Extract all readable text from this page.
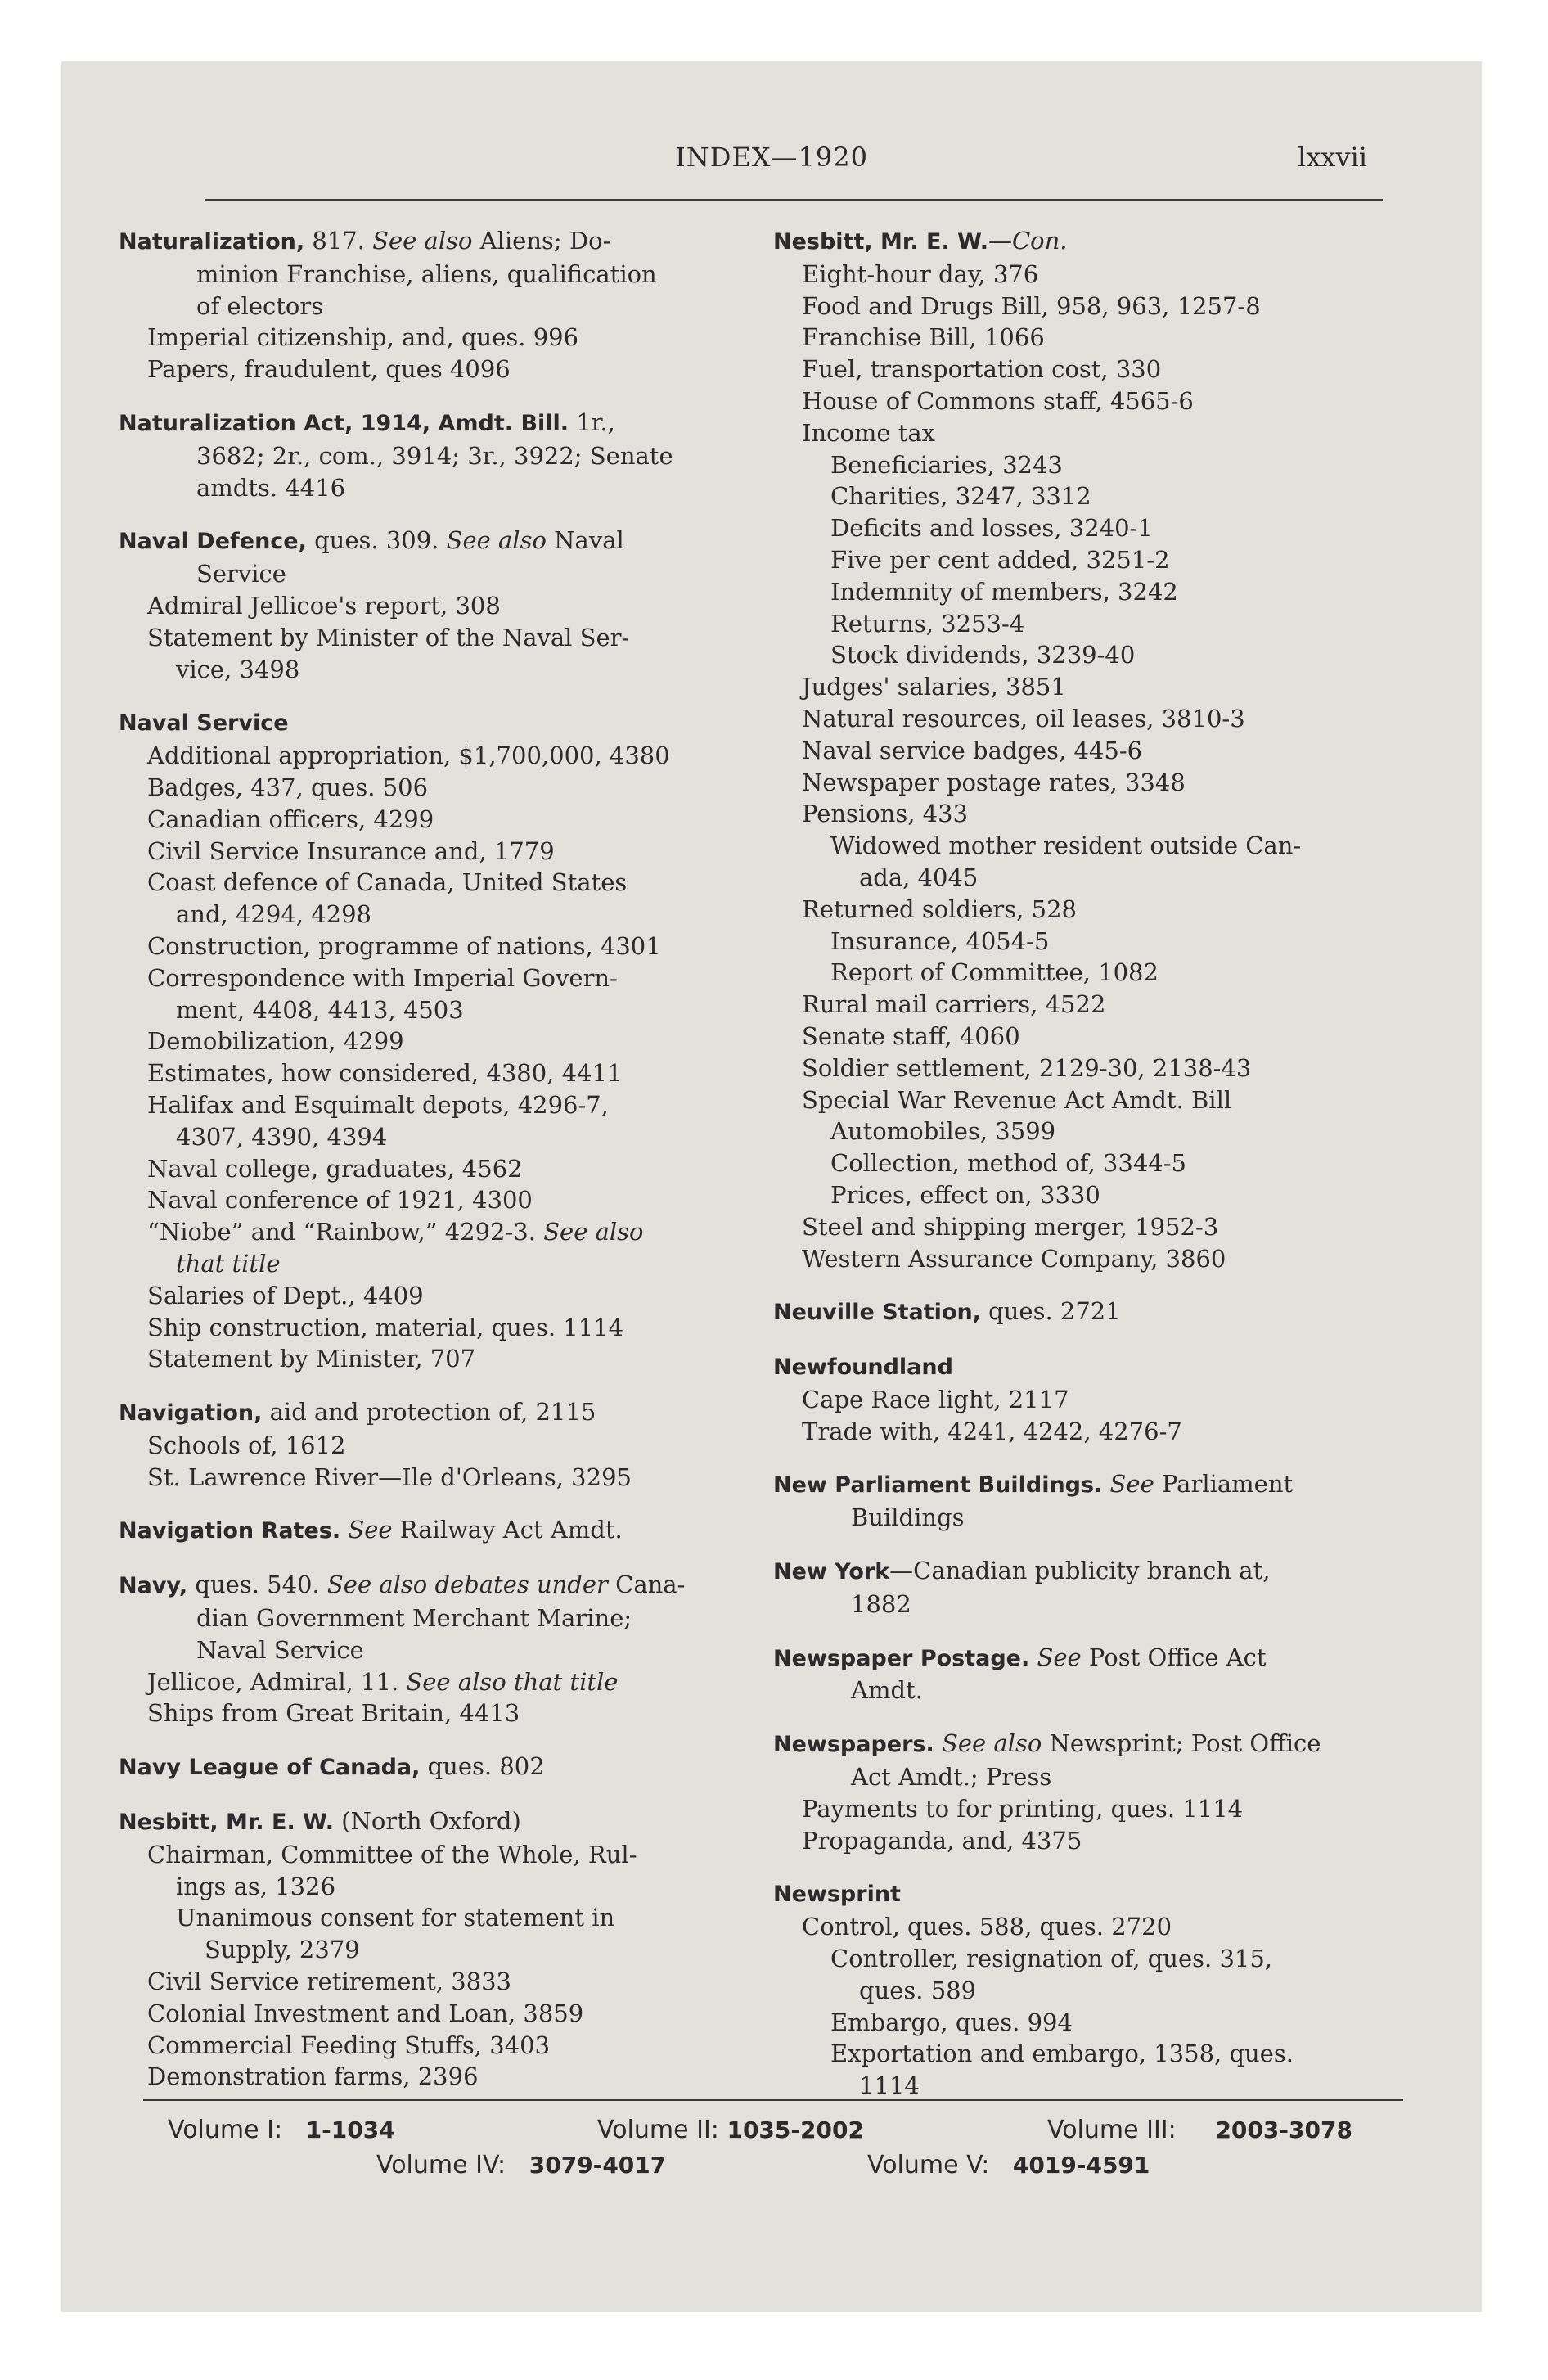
INDEX—1920	lxxvii
Naturalization, 817. See also Aliens; Do-
minion Franchise, aliens, qualification
of electors
Imperial citizenship, and, ques. 996
Papers, fraudulent, ques 4096
Naturalization Act, 1914, Amdt. Bill. 1r.,
3682; 2r., com., 3914; 3r., 3922; Senate
amdts. 4416
Naval Defence, ques. 309. See also Naval
Service
Admiral Jellicoe's report, 308
Statement by Minister of the Naval Ser-
vice, 3498
Naval Service
Additional appropriation, $1,700,000, 4380
Badges, 437, ques. 506
Canadian officers, 4299
Civil Service Insurance and, 1779
Coast defence of Canada, United States
and, 4294, 4298
Construction, programme of nations, 4301
Correspondence with Imperial Govern-
ment, 4408, 4413, 4503
Demobilization, 4299
Estimates, how considered, 4380, 4411
Halifax and Esquimalt depots, 4296-7,
4307, 4390, 4394
Naval college, graduates, 4562
Naval conference of 1921, 4300
“Niobe” and “Rainbow,” 4292-3. See also
that title
Salaries of Dept., 4409
Ship construction, material, ques. 1114
Statement by Minister, 707
Navigation, aid and protection of, 2115
Schools of, 1612
St. Lawrence River—Ile d'Orleans, 3295
Navigation Rates. See Railway Act Amdt.
Navy, ques. 540. See also debates under Cana-
dian Government Merchant Marine;
Naval Service
Jellicoe, Admiral, 11. See also that title
Ships from Great Britain, 4413
Navy League of Canada, ques. 802
Nesbitt, Mr. E. W. (North Oxford)
Chairman, Committee of the Whole, Rul-
ings as, 1326
Unanimous consent for statement in
Supply, 2379
Civil Service retirement, 3833
Colonial Investment and Loan, 3859
Commercial Feeding Stuffs, 3403
Demonstration farms, 2396
Nesbitt, Mr. E. W.—Con.
Eight-hour day, 376
Food and Drugs Bill, 958, 963, 1257-8
Franchise Bill, 1066
Fuel, transportation cost, 330
House of Commons staff, 4565-6
Income tax
Beneficiaries, 3243
Charities, 3247, 3312
Deficits and losses, 3240-1
Five per cent added, 3251-2
Indemnity of members, 3242
Returns, 3253-4
Stock dividends, 3239-40
Judges' salaries, 3851
Natural resources, oil leases, 3810-3
Naval service badges, 445-6
Newspaper postage rates, 3348
Pensions, 433
Widowed mother resident outside Can-
ada, 4045
Returned soldiers, 528
Insurance, 4054-5
Report of Committee, 1082
Rural mail carriers, 4522
Senate staff, 4060
Soldier settlement, 2129-30, 2138-43
Special War Revenue Act Amdt. Bill
Automobiles, 3599
Collection, method of, 3344-5
Prices, effect on, 3330
Steel and shipping merger, 1952-3
Western Assurance Company, 3860
Neuville Station, ques. 2721
Newfoundland
Cape Race light, 2117
Trade with, 4241, 4242, 4276-7
New Parliament Buildings. See Parliament
Buildings
New York—Canadian publicity branch at,
1882
Newspaper Postage. See Post Office Act
Amdt.
Newspapers. See also Newsprint; Post Office
Act Amdt.; Press
Payments to for printing, ques. 1114
Propaganda, and, 4375
Newsprint
Control, ques. 588, ques. 2720
Controller, resignation of, ques. 315,
ques. 589
Embargo, ques. 994
Exportation and embargo, 1358, ques.
1114
Volume I: 1-1034	Volume II: 1035-2002	Volume III: 2003-3078
Volume IV: 3079-4017	Volume V: 4019-4591
